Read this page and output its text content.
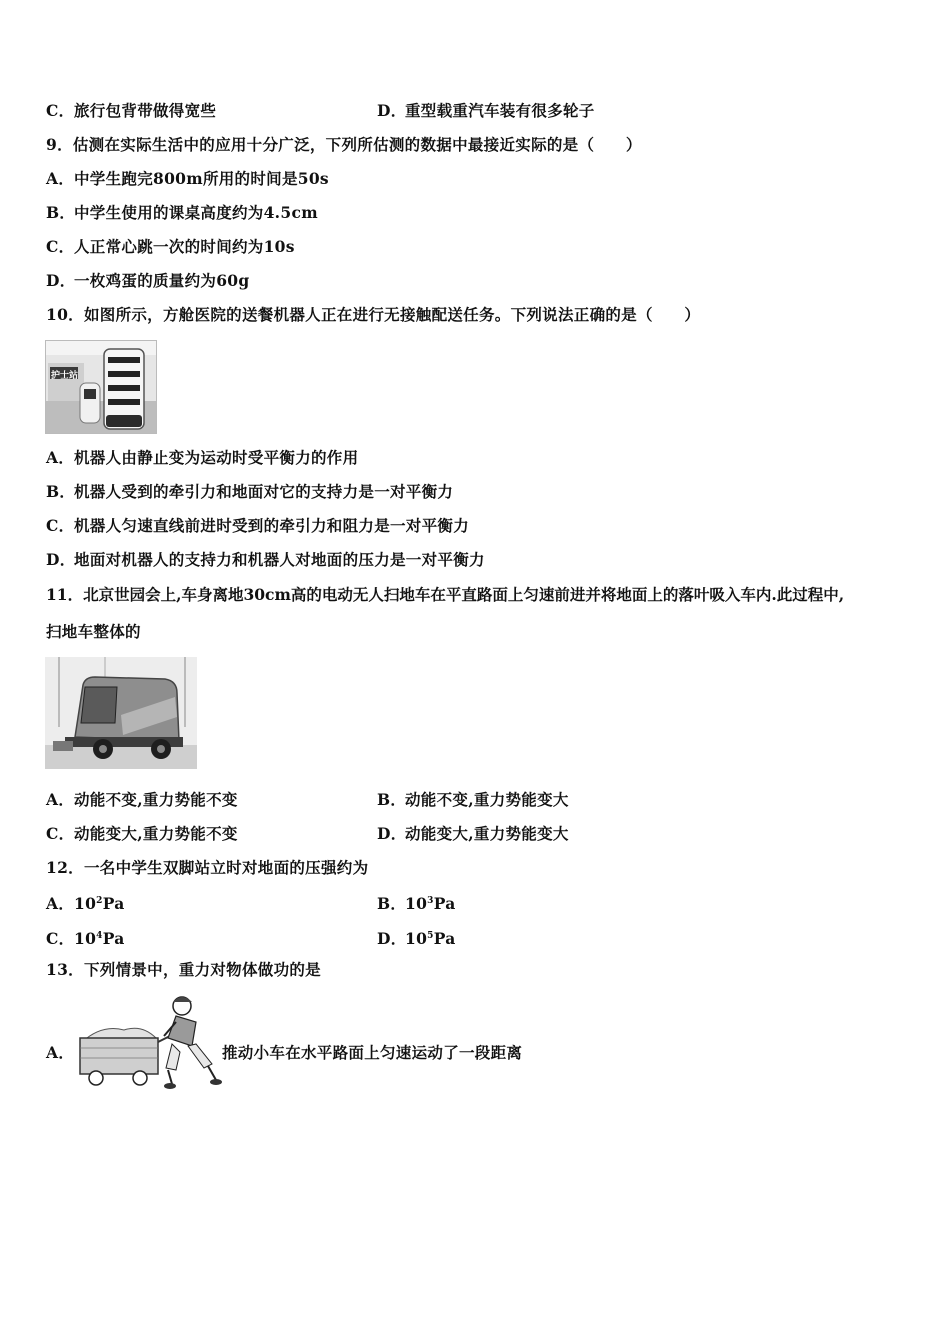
C．旅行包背带做得宽些	D．重型载重汽车装有很多轮子
9．估测在实际生活中的应用十分广泛，下列所估测的数据中最接近实际的是（　　）
A．中学生跑完800m所用的时间是50s
B．中学生使用的课桌高度约为4.5cm
C．人正常心跳一次的时间约为10s
D．一枚鸡蛋的质量约为60g
10．如图所示，方舱医院的送餐机器人正在进行无接触配送任务。下列说法正确的是（　　）
护士站
A．机器人由静止变为运动时受平衡力的作用
B．机器人受到的牵引力和地面对它的支持力是一对平衡力
C．机器人匀速直线前进时受到的牵引力和阻力是一对平衡力
D．地面对机器人的支持力和机器人对地面的压力是一对平衡力
11．北京世园会上,车身离地30cm高的电动无人扫地车在平直路面上匀速前进并将地面上的落叶吸入车内.此过程中,
扫地车整体的
A．动能不变,重力势能不变	B．动能不变,重力势能变大
C．动能变大,重力势能不变	D．动能变大,重力势能变大
12．一名中学生双脚站立时对地面的压强约为
A．$10^2Pa$	B．$10^3Pa$
C．$10^4Pa$	D．$10^5Pa$
13．下列情景中，重力对物体做功的是
A．	推动小车在水平路面上匀速运动了一段距离
